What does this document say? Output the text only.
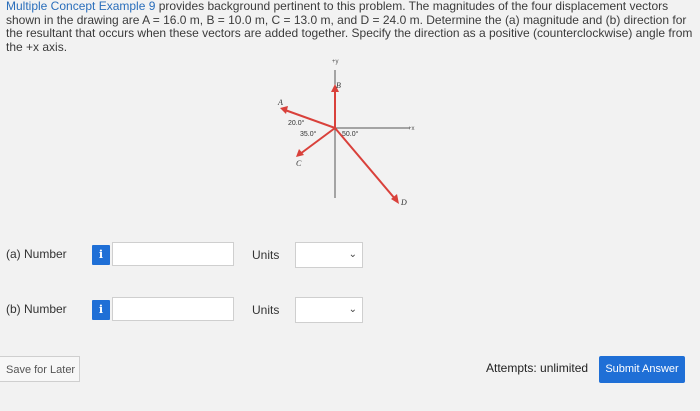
Multiple Concept Example 9 provides background pertinent to this problem. The magnitudes of the four displacement vectors shown in the drawing are A = 16.0 m, B = 10.0 m, C = 13.0 m, and D = 24.0 m. Determine the (a) magnitude and (b) direction for the resultant that occurs when these vectors are added together. Specify the direction as a positive (counterclockwise) angle from the +x axis.
+y
+x
B
A
C
D
20.0°
35.0°	50.0°
(a) Number	i	Units	⌄
(b) Number	i	Units	⌄
Save for Later	Attempts: unlimited	Submit Answer
